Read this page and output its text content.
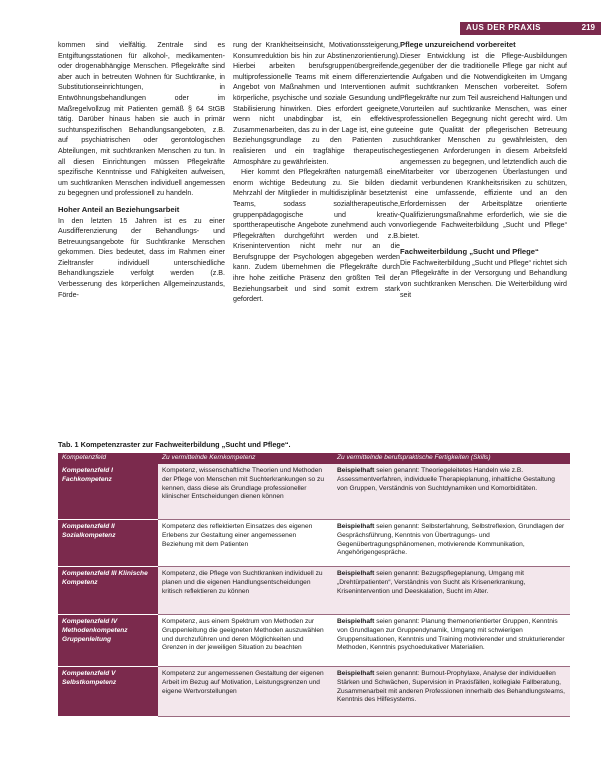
AUS DER PRAXIS	219

kommen sind vielfältig. Zentrale sind es Entgiftungsstationen für alkohol-, medikamenten- oder drogenabhängige Menschen. Pflegekräfte sind aber auch in betreuten Wohnen für Suchtkranke, in Substitutionseinrichtungen, in Entwöhnungsbehandlungen oder im Maßregelvollzug mit Patienten gemäß § 64 StGB tätig. Darüber hinaus haben sie auch in primär suchtunspezifischen Behandlungsangeboten, z.B. auf psychiatrischen oder gerontologischen Abteilungen, mit suchtkranken Menschen zu tun. In all diesen Einrichtungen müssen Pflegekräfte spezifische Kenntnisse und Fähigkeiten aufweisen, um suchtkranken Menschen individuell angemessen zu begegnen und professionell zu handeln.

Hoher Anteil an Beziehungsarbeit

In den letzten 15 Jahren ist es zu einer Ausdifferenzierung der Behandlungs- und Betreuungsangebote für Suchtkranke Menschen gekommen. Dies bedeutet, dass im Rahmen einer Zieltransfer individuell unterschiedliche Behandlungsziele verfolgt werden (z.B. Verbesserung des körperlichen Allgemeinzustands, Förde-

rung der Krankheitseinsicht, Motivationssteigerung, Konsumreduktion bis hin zur Abstinenzorientierung). Hierbei arbeiten berufsgruppenübergreifende, multiprofessionelle Teams mit einem differenzierten Angebot von Maßnahmen und Interventionen auf körperliche, psychische und soziale Gesundung und Stabilisierung hinwirken. Dies erfordert geeignete, wenn nicht unabdingbar ist, ein effektives Zusammenarbeiten, das zu in der Lage ist, eine gute Beziehungsgrundlage zu den Patienten zu realisieren und ein tragfähige therapeutische Atmosphäre zu gewährleisten.

Hier kommt den Pflegekräften naturgemäß eine enorm wichtige Bedeutung zu. Sie bilden die Mehrzahl der Mitglieder in multidisziplinär besetzten Teams, sodass sozialtherapeutische, gruppenpädagogische und kreativ-sporttherapeutische Angebote zunehmend auch von Pflegekräften durchgeführt werden und z.B. Krisenintervention nicht mehr nur an die Berufsgruppe der Psychologen abgegeben werden kann. Zudem übernehmen die Pflegekräfte durch ihre hohe zeitliche Präsenz den größten Teil der Beziehungsarbeit und sind somit extrem stark gefordert.

Pflege unzureichend vorbereitet

Dieser Entwicklung ist die Pflege-Ausbildungen gegenüber der die traditionelle Pflege gar nicht auf die Aufgaben und die Notwendigkeiten im Umgang mit suchtkranken Menschen vorbereitet. Sofern Pflegekräfte nur zum Teil ausreichend Haltungen und Vorurteilen auf suchtkranke Menschen, was einer professionellen Begegnung nicht gerecht wird. Um eine gute Qualität der pflegerischen Betreuung suchtkranker Menschen zu gewährleisten, den gestiegenen Anforderungen in diesem Arbeitsfeld angemessen zu begegnen, und letztendlich auch die Mitarbeiter vor überzogenen Überlastungen und damit verbundenen Krankheitsrisiken zu schützen, ist eine umfassende, effiziente und an den Erfordernissen der Arbeitsplätze orientierte Qualifizierungsmaßnahme erforderlich, wie sie die vorliegende Fachweiterbildung „Sucht und Pflege“ bietet.

Fachweiterbildung „Sucht und Pflege“

Die Fachweiterbildung „Sucht und Pflege“ richtet sich an Pflegekräfte in der Versorgung und Behandlung von suchtkranken Menschen. Die Weiterbildung wird seit

Tab. 1 Kompetenzraster zur Fachweiterbildung „Sucht und Pflege“.
Kompetenzfeld	Zu vermittelnde Kernkompetenz	Zu vermittelnde berufspraktische Fertigkeiten (Skills)
Kompetenzfeld I Fachkompetenz
Kompetenz, wissenschaftliche Theorien und Methoden der Pflege von Menschen mit Suchterkrankungen so zu kennen, dass diese als Grundlage professioneller klinischer Entscheidungen dienen können
Beispielhaft seien genannt: Theoriegeleitetes Handeln wie z.B. Assessmentverfahren, individuelle Therapieplanung, inhaltliche Gestaltung von Gruppen, Verständnis von Suchtdynamiken und Komorbiditäten.
Kompetenzfeld II Sozialkompetenz
Kompetenz des reflektierten Einsatzes des eigenen Erlebens zur Gestaltung einer angemessenen Beziehung mit dem Patienten
Beispielhaft seien genannt: Selbsterfahrung, Selbstreflexion, Grundlagen der Gesprächsführung, Kenntnis von Übertragungs- und Gegenübertragungsphänomenen, motivierende Kommunikation, Angehörigengespräche.
Kompetenzfeld III Klinische Kompetenz
Kompetenz, die Pflege von Suchtkranken individuell zu planen und die eigenen Handlungsentscheidungen kritisch reflektieren zu können
Beispielhaft seien genannt: Bezugspflegeplanung, Umgang mit „Drehtürpatienten“, Verständnis von Sucht als Krisenerkrankung, Krisenintervention und Deeskalation, Sucht im Alter.
Kompetenzfeld IV Methodenkompetenz Gruppenleitung
Kompetenz, aus einem Spektrum von Methoden zur Gruppenleitung die geeigneten Methoden auszuwählen und durchzuführen und deren Möglichkeiten und Grenzen in der jeweiligen Situation zu beachten
Beispielhaft seien genannt: Planung themenorientierter Gruppen, Kenntnis von Grundlagen zur Gruppendynamik, Umgang mit schwierigen Gruppensituationen, Kenntnis und Training motivierender und strukturierender Methoden, Kenntnis psychoedukativer Materialien.
Kompetenzfeld V Selbstkompetenz
Kompetenz zur angemessenen Gestaltung der eigenen Arbeit im Bezug auf Motivation, Leistungsgrenzen und eigene Wertvorstellungen
Beispielhaft seien genannt: Burnout-Prophylaxe, Analyse der individuellen Stärken und Schwächen, Supervision in Praxisfällen, kollegiale Fallberatung, Zusammenarbeit mit anderen Professionen innerhalb des Behandlungsteams, Kenntnis des Hilfesystems.
